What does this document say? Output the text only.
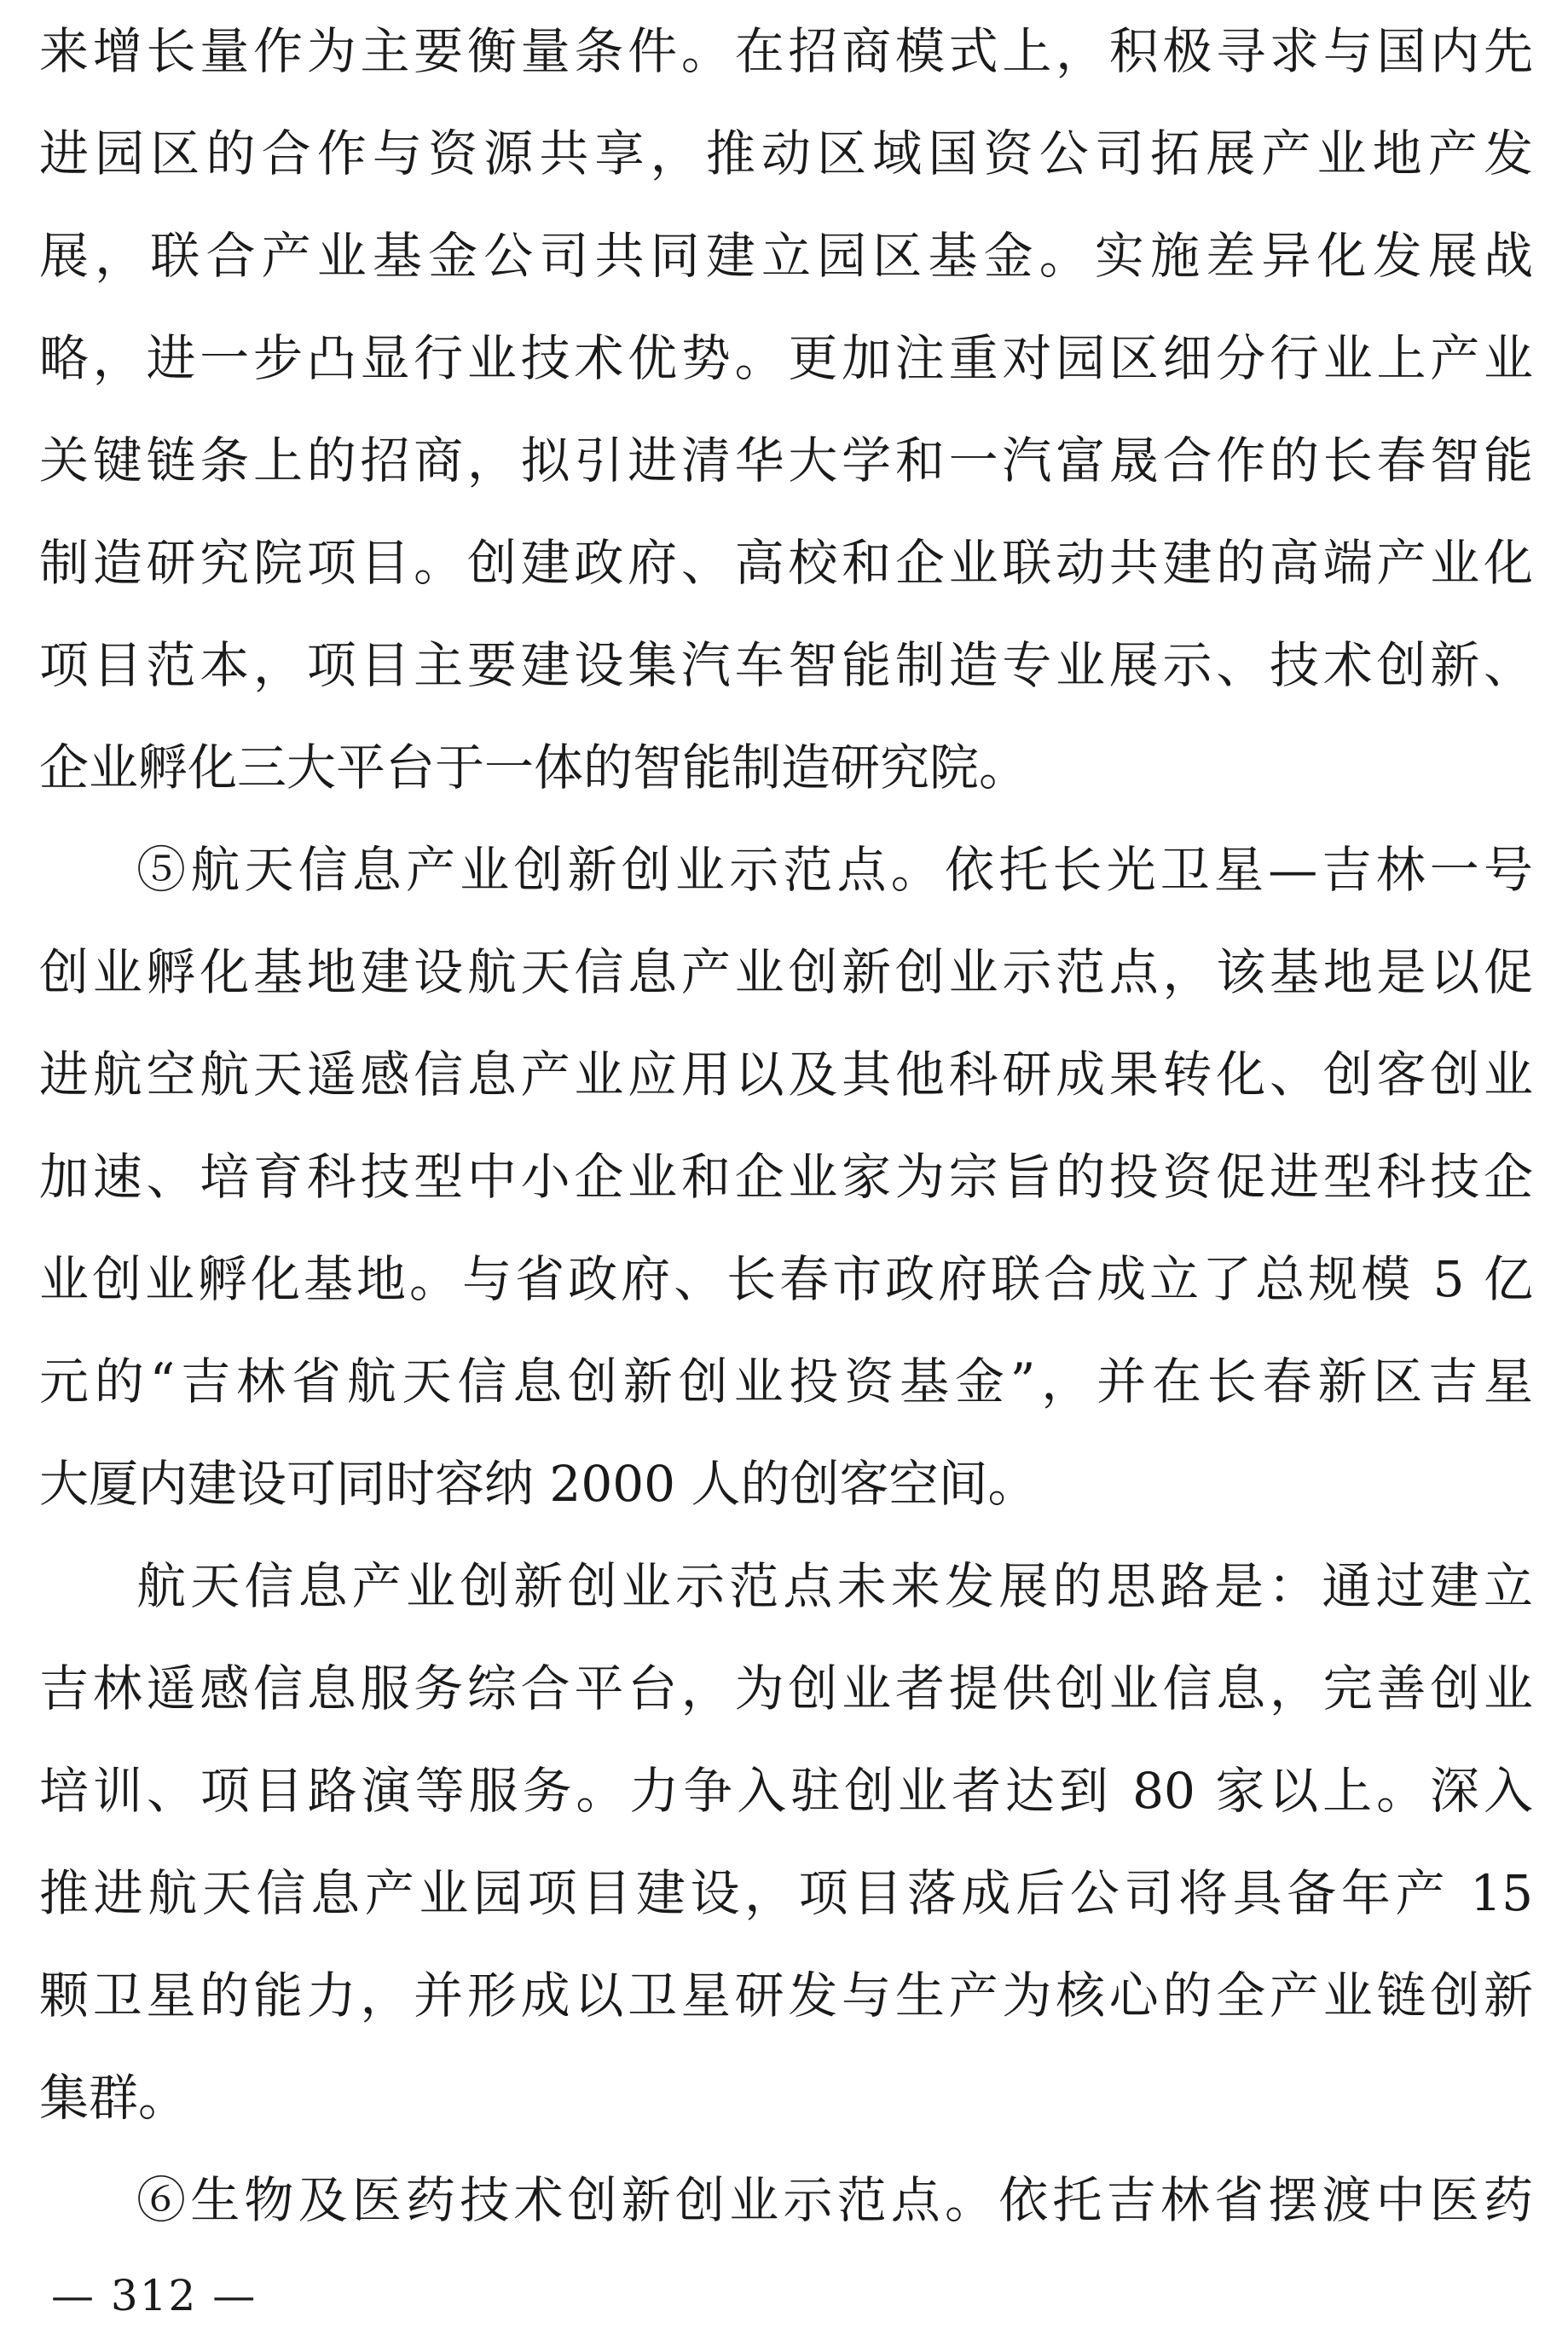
来增长量作为主要衡量条件。在招商模式上，积极寻求与国内先
进园区的合作与资源共享，推动区域国资公司拓展产业地产发
展，联合产业基金公司共同建立园区基金。实施差异化发展战
略，进一步凸显行业技术优势。更加注重对园区细分行业上产业
关键链条上的招商，拟引进清华大学和一汽富晟合作的长春智能
制造研究院项目。创建政府、高校和企业联动共建的高端产业化
项目范本，项目主要建设集汽车智能制造专业展示、技术创新、
企业孵化三大平台于一体的智能制造研究院。
⑤航天信息产业创新创业示范点。依托长光卫星—吉林一号
创业孵化基地建设航天信息产业创新创业示范点，该基地是以促
进航空航天遥感信息产业应用以及其他科研成果转化、创客创业
加速、培育科技型中小企业和企业家为宗旨的投资促进型科技企
业创业孵化基地。与省政府、长春市政府联合成立了总规模 5 亿
元的“吉林省航天信息创新创业投资基金”，并在长春新区吉星
大厦内建设可同时容纳 2000 人的创客空间。
航天信息产业创新创业示范点未来发展的思路是：通过建立
吉林遥感信息服务综合平台，为创业者提供创业信息，完善创业
培训、项目路演等服务。力争入驻创业者达到 80 家以上。深入
推进航天信息产业园项目建设，项目落成后公司将具备年产 15
颗卫星的能力，并形成以卫星研发与生产为核心的全产业链创新
集群。
⑥生物及医药技术创新创业示范点。依托吉林省摆渡中医药
— 312 —
